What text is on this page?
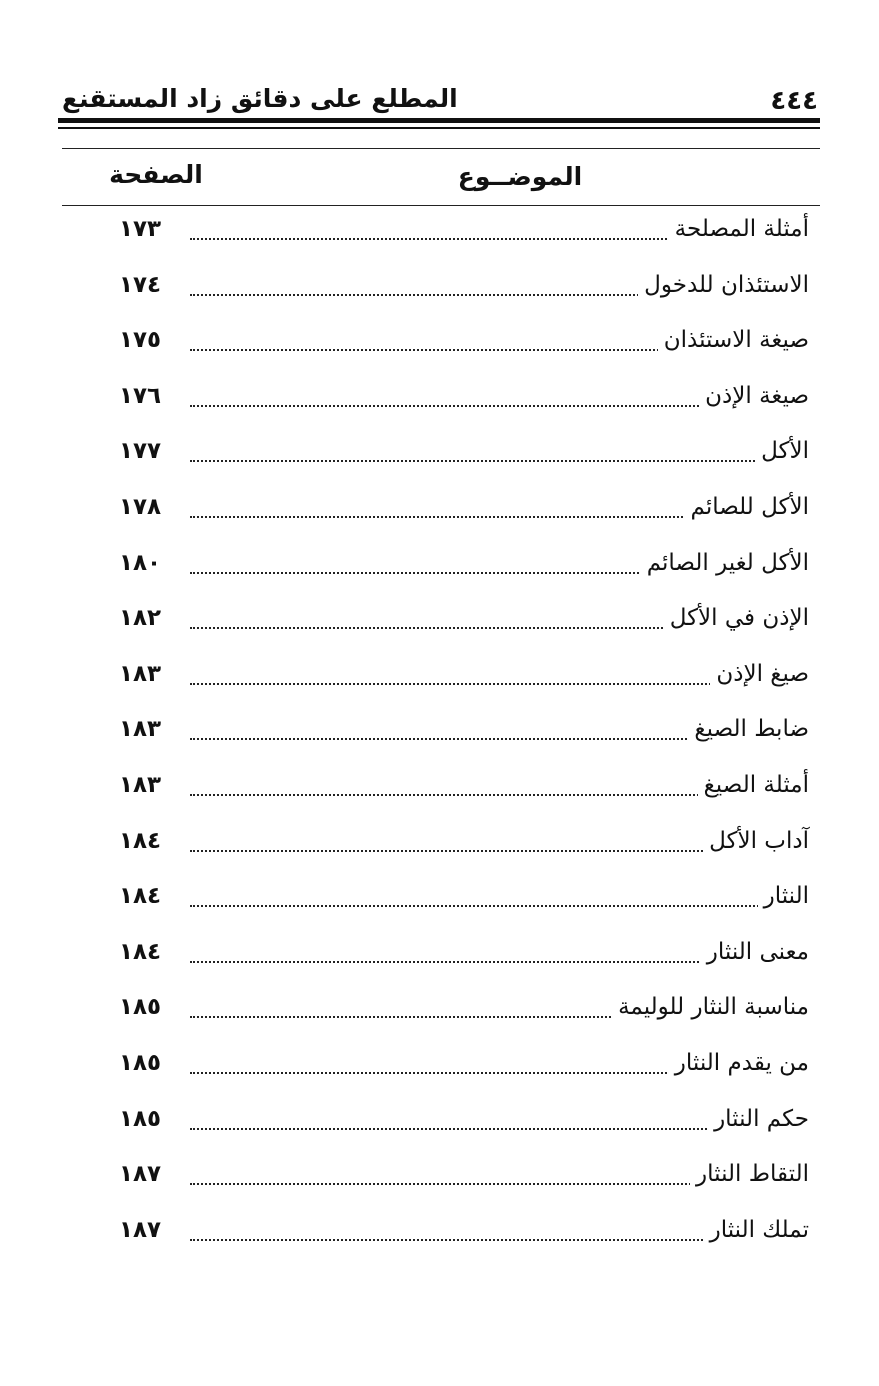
٤٤٤
المطلع على دقائق زاد المستقنع
الموضــوع
الصفحة
أمثلة المصلحة
١٧٣
الاستئذان للدخول
١٧٤
صيغة الاستئذان
١٧٥
صيغة الإذن
١٧٦
الأكل
١٧٧
الأكل للصائم
١٧٨
الأكل لغير الصائم
١٨٠
الإذن في الأكل
١٨٢
صيغ الإذن
١٨٣
ضابط الصيغ
١٨٣
أمثلة الصيغ
١٨٣
آداب الأكل
١٨٤
النثار
١٨٤
معنى النثار
١٨٤
مناسبة النثار للوليمة
١٨٥
من يقدم النثار
١٨٥
حكم النثار
١٨٥
التقاط النثار
١٨٧
تملك النثار
١٨٧
